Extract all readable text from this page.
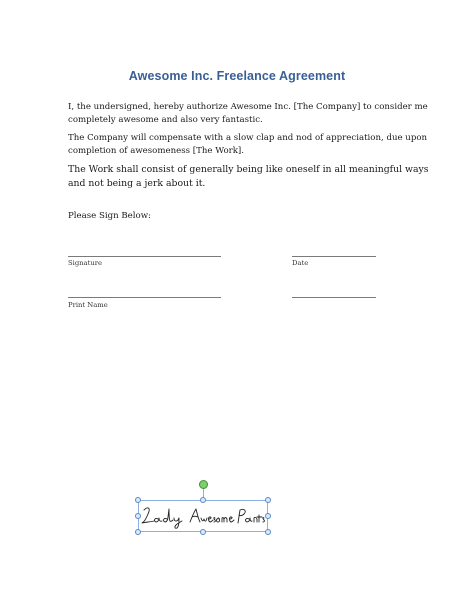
Awesome Inc. Freelance Agreement
I, the undersigned, hereby authorize Awesome Inc. [The Company] to consider me completely awesome and also very fantastic.
The Company will compensate with a slow clap and nod of appreciation, due upon completion of awesomeness [The Work].
The Work shall consist of generally being like oneself in all meaningful ways and not being a jerk about it.
Please Sign Below:
Signature	Date
Print Name
